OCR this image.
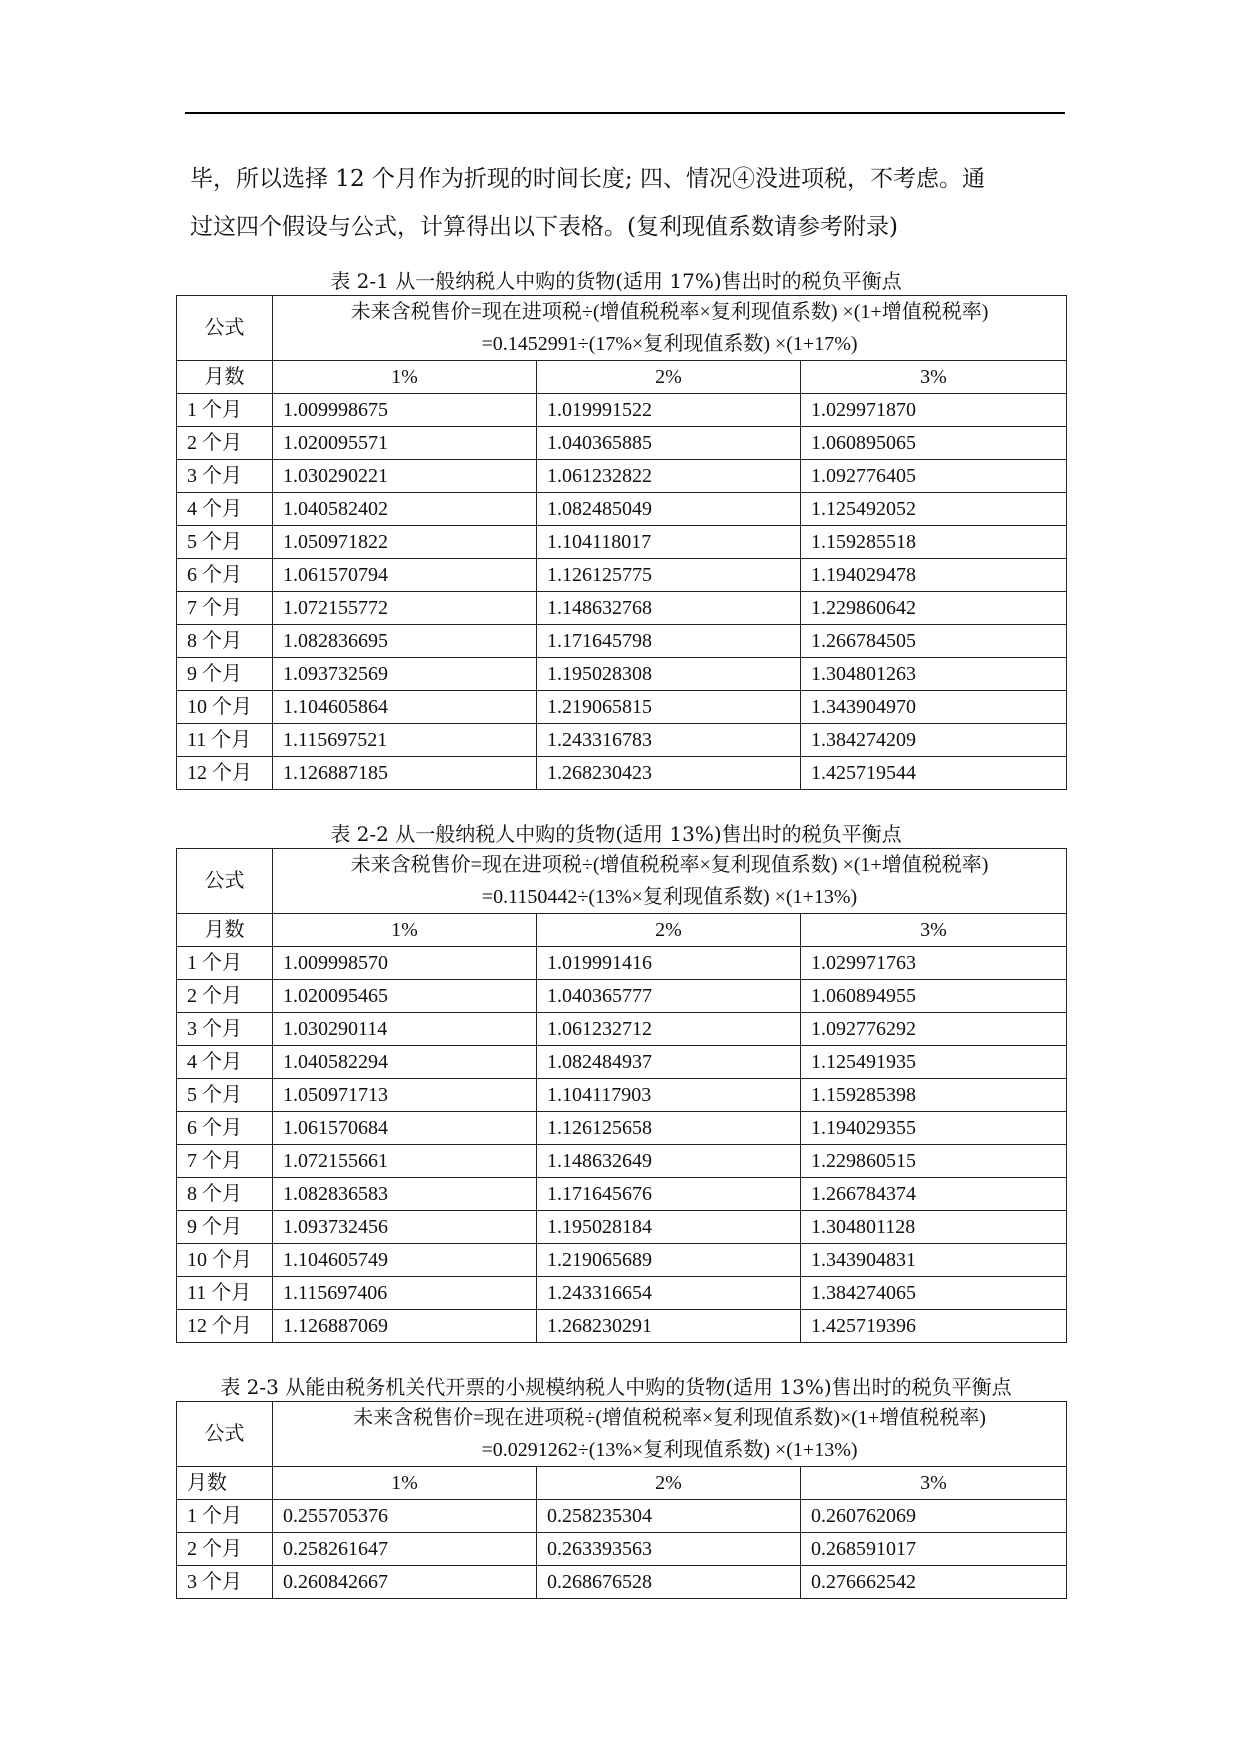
毕，所以选择 12 个月作为折现的时间长度; 四、情况④没进项税，不考虑。通
过这四个假设与公式，计算得出以下表格。(复利现值系数请参考附录)
表 2-1 从一般纳税人中购的货物(适用 17%)售出时的税负平衡点
公式	未来含税售价=现在进项税÷(增值税税率×复利现值系数) ×(1+增值税税率)
=0.1452991÷(17%×复利现值系数) ×(1+17%)		

月数	1%	2%	3%
1 个月	1.009998675	1.019991522	1.029971870
2 个月	1.020095571	1.040365885	1.060895065
3 个月	1.030290221	1.061232822	1.092776405
4 个月	1.040582402	1.082485049	1.125492052
5 个月	1.050971822	1.104118017	1.159285518
6 个月	1.061570794	1.126125775	1.194029478
7 个月	1.072155772	1.148632768	1.229860642
8 个月	1.082836695	1.171645798	1.266784505
9 个月	1.093732569	1.195028308	1.304801263
10 个月	1.104605864	1.219065815	1.343904970
11 个月	1.115697521	1.243316783	1.384274209
12 个月	1.126887185	1.268230423	1.425719544
表 2-2 从一般纳税人中购的货物(适用 13%)售出时的税负平衡点
公式	未来含税售价=现在进项税÷(增值税税率×复利现值系数) ×(1+增值税税率)
=0.1150442÷(13%×复利现值系数) ×(1+13%)		

月数	1%	2%	3%
1 个月	1.009998570	1.019991416	1.029971763
2 个月	1.020095465	1.040365777	1.060894955
3 个月	1.030290114	1.061232712	1.092776292
4 个月	1.040582294	1.082484937	1.125491935
5 个月	1.050971713	1.104117903	1.159285398
6 个月	1.061570684	1.126125658	1.194029355
7 个月	1.072155661	1.148632649	1.229860515
8 个月	1.082836583	1.171645676	1.266784374
9 个月	1.093732456	1.195028184	1.304801128
10 个月	1.104605749	1.219065689	1.343904831
11 个月	1.115697406	1.243316654	1.384274065
12 个月	1.126887069	1.268230291	1.425719396
表 2-3 从能由税务机关代开票的小规模纳税人中购的货物(适用 13%)售出时的税负平衡点
公式	未来含税售价=现在进项税÷(增值税税率×复利现值系数)×(1+增值税税率)
=0.0291262÷(13%×复利现值系数) ×(1+13%)		

月数	1%	2%	3%
1 个月	0.255705376	0.258235304	0.260762069
2 个月	0.258261647	0.263393563	0.268591017
3 个月	0.260842667	0.268676528	0.276662542
